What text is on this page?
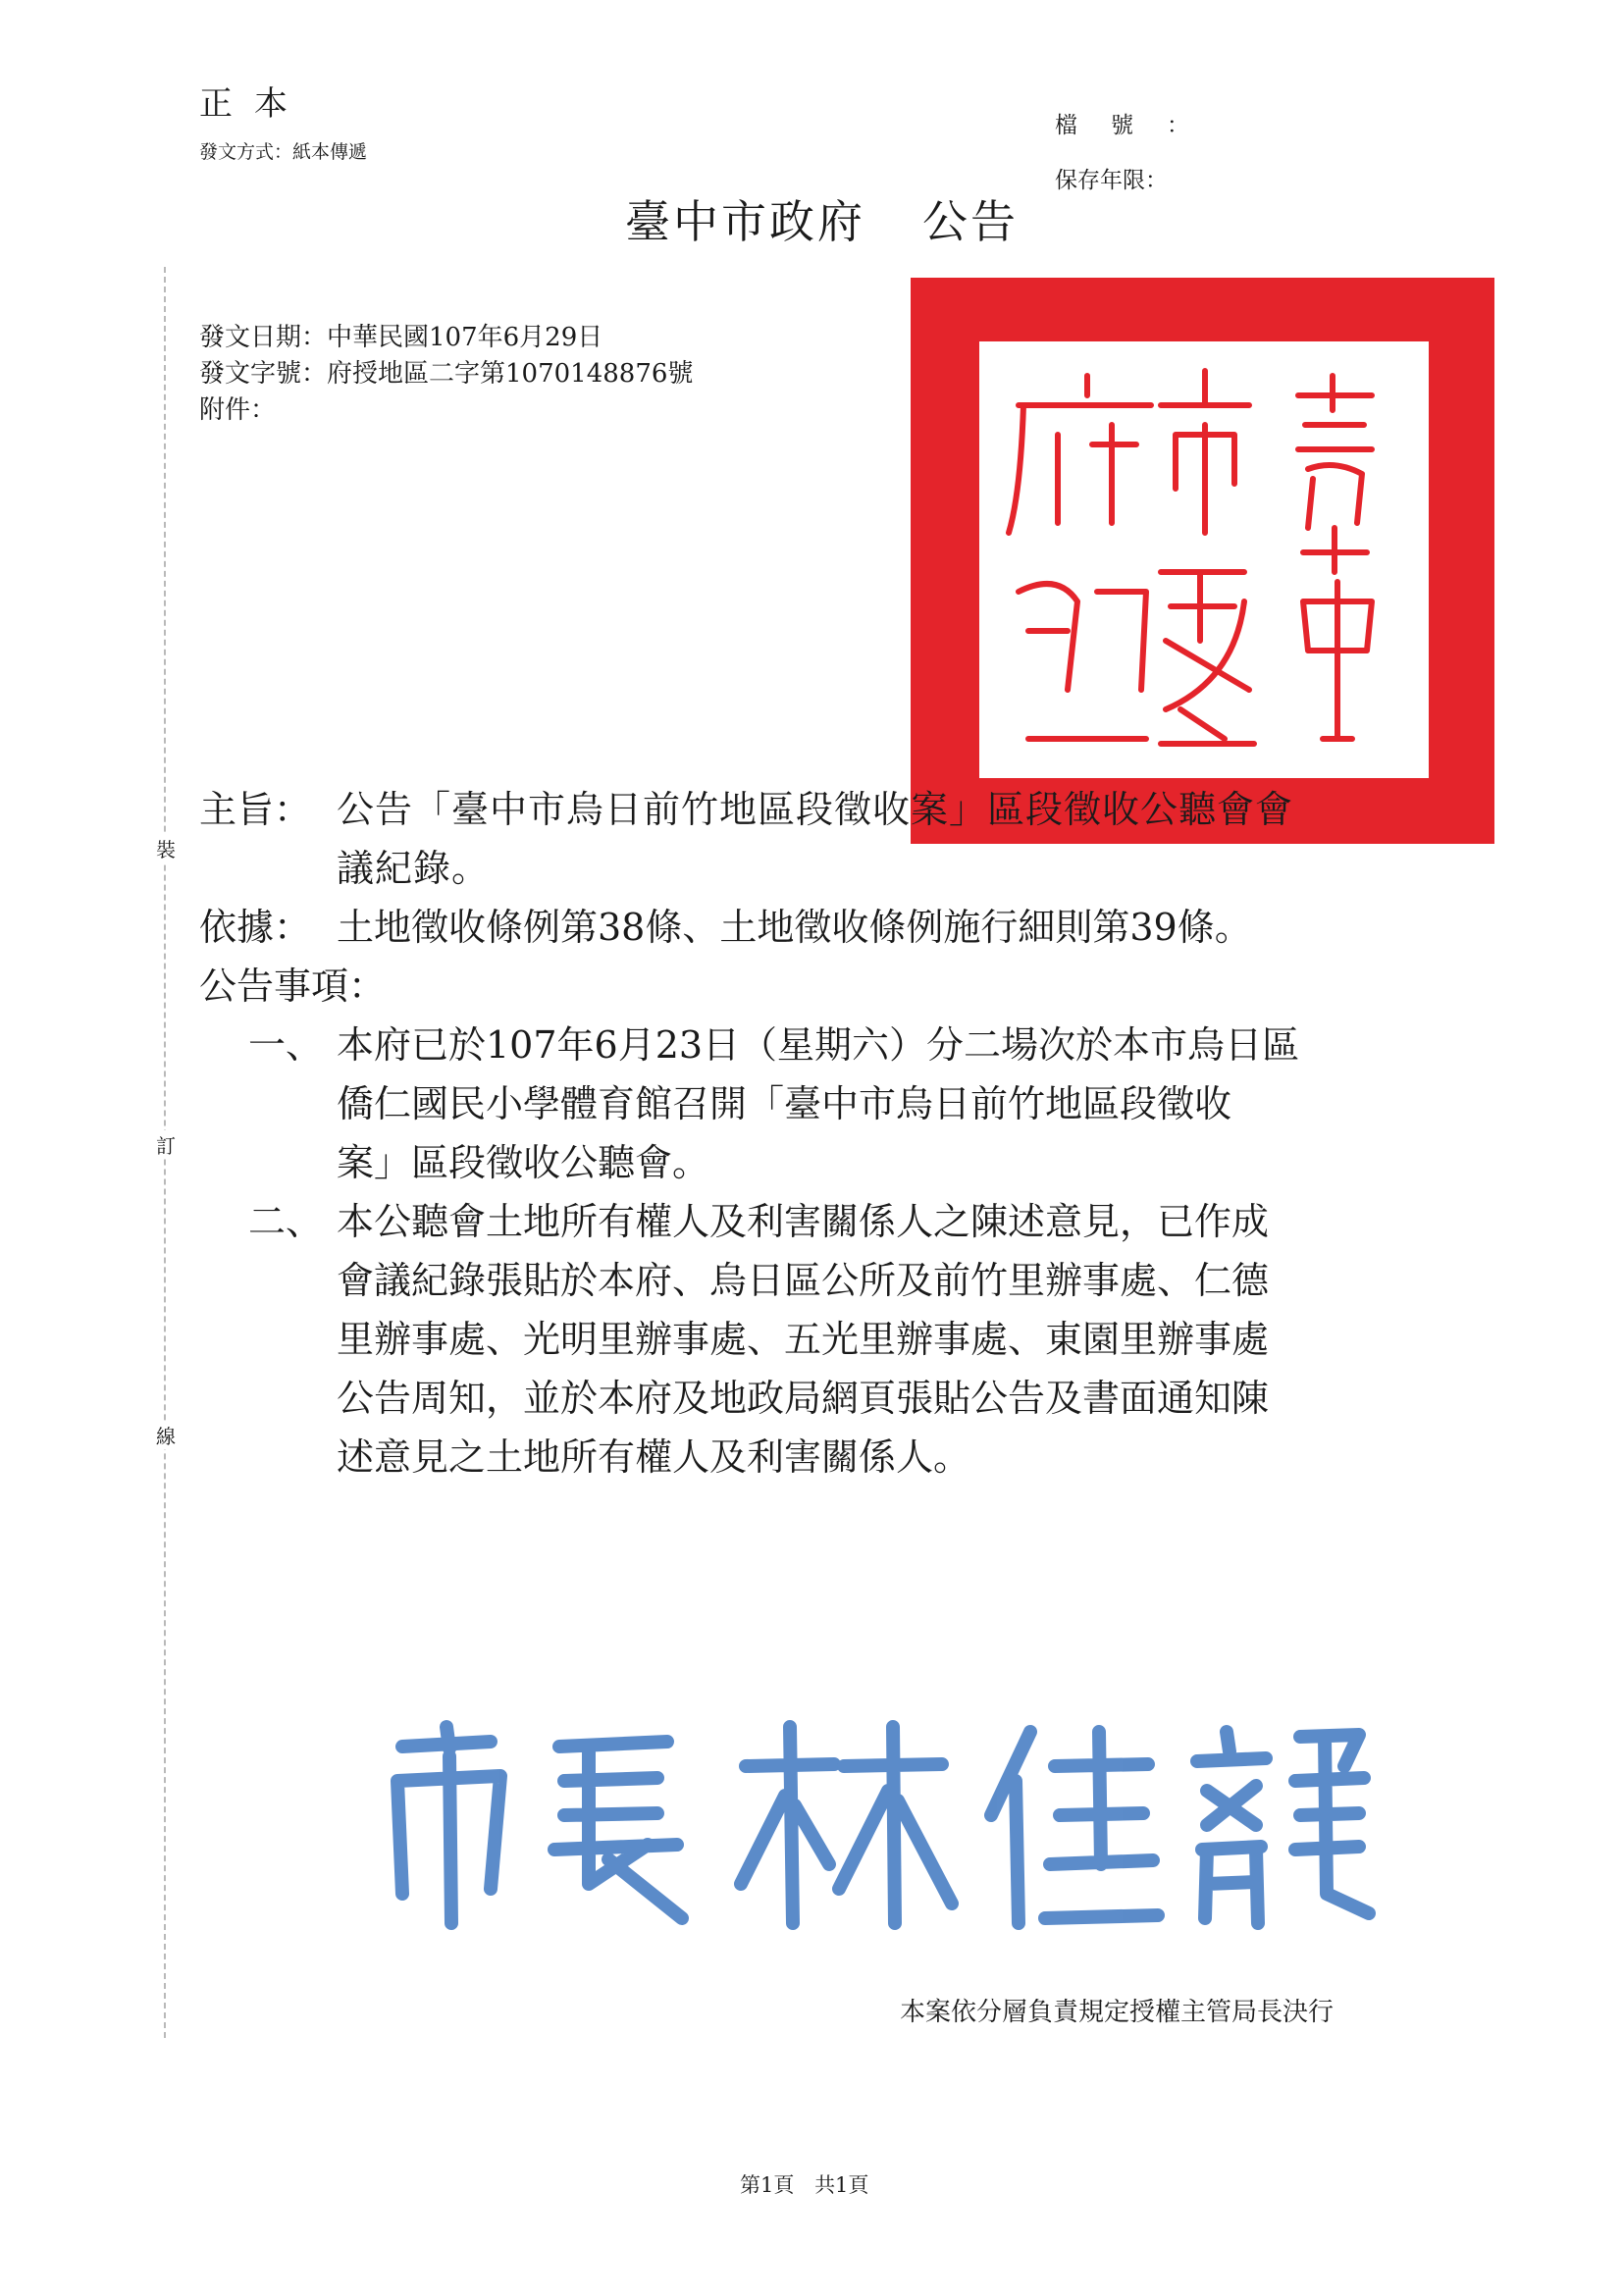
正本
發文方式：紙本傳遞
檔號：
保存年限：
臺中市政府 公告
發文日期：中華民國107年6月29日
發文字號：府授地區二字第1070148876號
附件：
裝
訂
線
主旨： 公告「臺中市烏日前竹地區段徵收案」區段徵收公聽會會
議紀錄。
依據： 土地徵收條例第38條、土地徵收條例施行細則第39條。
公告事項：
一、 本府已於107年6月23日（星期六）分二場次於本市烏日區
僑仁國民小學體育館召開「臺中市烏日前竹地區段徵收
案」區段徵收公聽會。
二、 本公聽會土地所有權人及利害關係人之陳述意見，已作成
會議紀錄張貼於本府、烏日區公所及前竹里辦事處、仁德
里辦事處、光明里辦事處、五光里辦事處、東園里辦事處
公告周知，並於本府及地政局網頁張貼公告及書面通知陳
述意見之土地所有權人及利害關係人。
本案依分層負責規定授權主管局長決行
第1頁 共1頁
